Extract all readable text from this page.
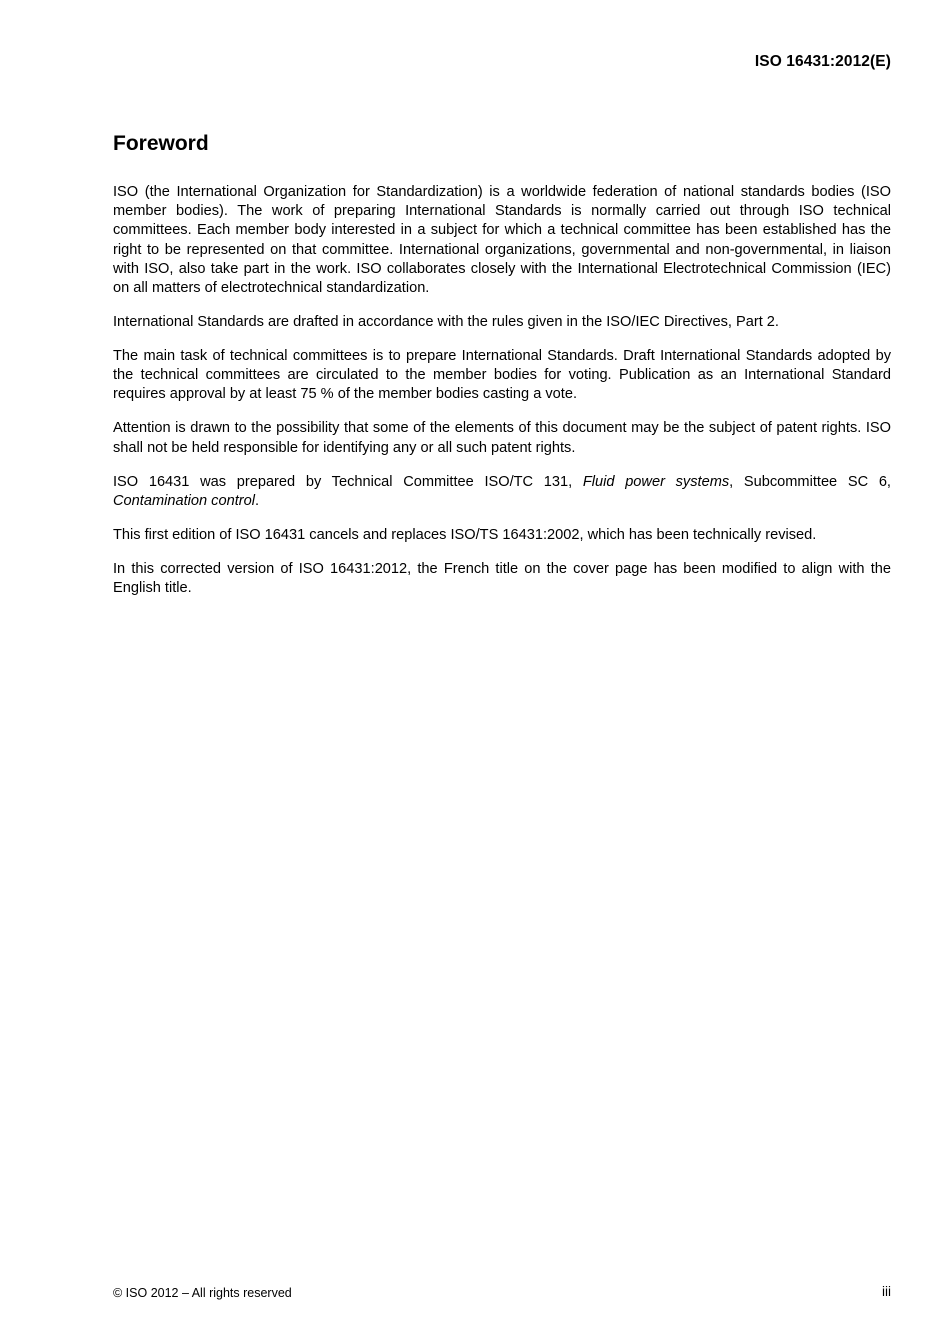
ISO 16431:2012(E)
Foreword

ISO (the International Organization for Standardization) is a worldwide federation of national standards bodies (ISO member bodies). The work of preparing International Standards is normally carried out through ISO technical committees. Each member body interested in a subject for which a technical committee has been established has the right to be represented on that committee. International organizations, governmental and non-governmental, in liaison with ISO, also take part in the work. ISO collaborates closely with the International Electrotechnical Commission (IEC) on all matters of electrotechnical standardization.

International Standards are drafted in accordance with the rules given in the ISO/IEC Directives, Part 2.

The main task of technical committees is to prepare International Standards. Draft International Standards adopted by the technical committees are circulated to the member bodies for voting. Publication as an International Standard requires approval by at least 75 % of the member bodies casting a vote.

Attention is drawn to the possibility that some of the elements of this document may be the subject of patent rights. ISO shall not be held responsible for identifying any or all such patent rights.

ISO 16431 was prepared by Technical Committee ISO/TC 131, Fluid power systems, Subcommittee SC 6, Contamination control.

This first edition of ISO 16431 cancels and replaces ISO/TS 16431:2002, which has been technically revised.

In this corrected version of ISO 16431:2012, the French title on the cover page has been modified to align with the English title.

© ISO 2012 – All rights reserved	iii
